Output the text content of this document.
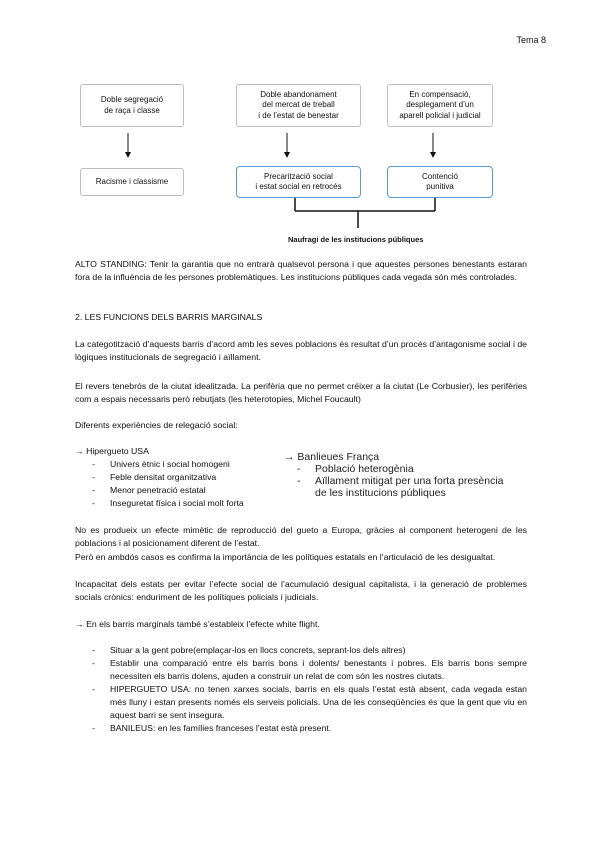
Tema 8
Doble segregació
de raça i classe
Doble abandonament
del mercat de treball
i de l’estat de benestar
En compensació,
desplegament d’un
aparell policial i judicial
Racisme i classisme
Precarització social
i estat social en retrocés
Contenció
punitiva
Naufragi de les institucions públiques
ALTO STANDING: Tenir la garantia que no entrarà qualsevol persona i que aquestes persones benestants estaran fora de la influència de les persones problemàtiques. Les institucions públiques cada vegada són més controlades.
2. LES FUNCIONS DELS BARRIS MARGINALS
La categotització d’aquests barris d’acord amb les seves poblacions és resultat d’un procés d’antagonisme social i de lògiques institucionals de segregació i aïllament.
El revers tenebrós de la ciutat idealitzada. La perifèria que no permet créixer a la ciutat (Le Corbusier), les perifèries com a espais necessaris però rebutjats (les heterotopies, Michel Foucault)
Diferents experiències de relegació social:
→ Hipergueto USA
- Univers ètnic i social homogeni
- Feble densitat organitzativa
- Menor penetració estatal
- Inseguretat física i social molt forta
→ Banlieues França
- Població heterogènia
- Aïllament mitigat per una forta presència de les institucions públiques
No es produeix un efecte mimètic de reproducció del gueto a Europa, gràcies al component heterogeni de les poblacions i al posicionament diferent de l’estat.
Però en ambdós casos es confirma la importància de les polítiques estatals en l’articulació de les desigualtat.
Incapacitat dels estats per evitar l’efecte social de l’acumulació desigual capitalista, i la generació de problemes socials crònics: enduriment de les polítiques policials i judicials.
→ En els barris marginals també s’estableix l’efecte white flight.
- Situar a la gent pobre(emplaçar-los en llocs concrets, seprant-los dels altres)
- Establir una comparació entre els barris bons i dolents/ benestants i pobres. Els barris bons sempre necessiten els barris dolens, ajuden a construir un relat de com són les nostres ciutats.
- HIPERGUETO USA: no tenen xarxes socials, barris en els quals l’estat està absent, cada vegada estan més lluny i estan presents només els serveis policials. Una de les conseqüències és que la gent que viu en aquest barri se sent insegura.
- BANILEUS: en les famílies franceses l’estat està present.
